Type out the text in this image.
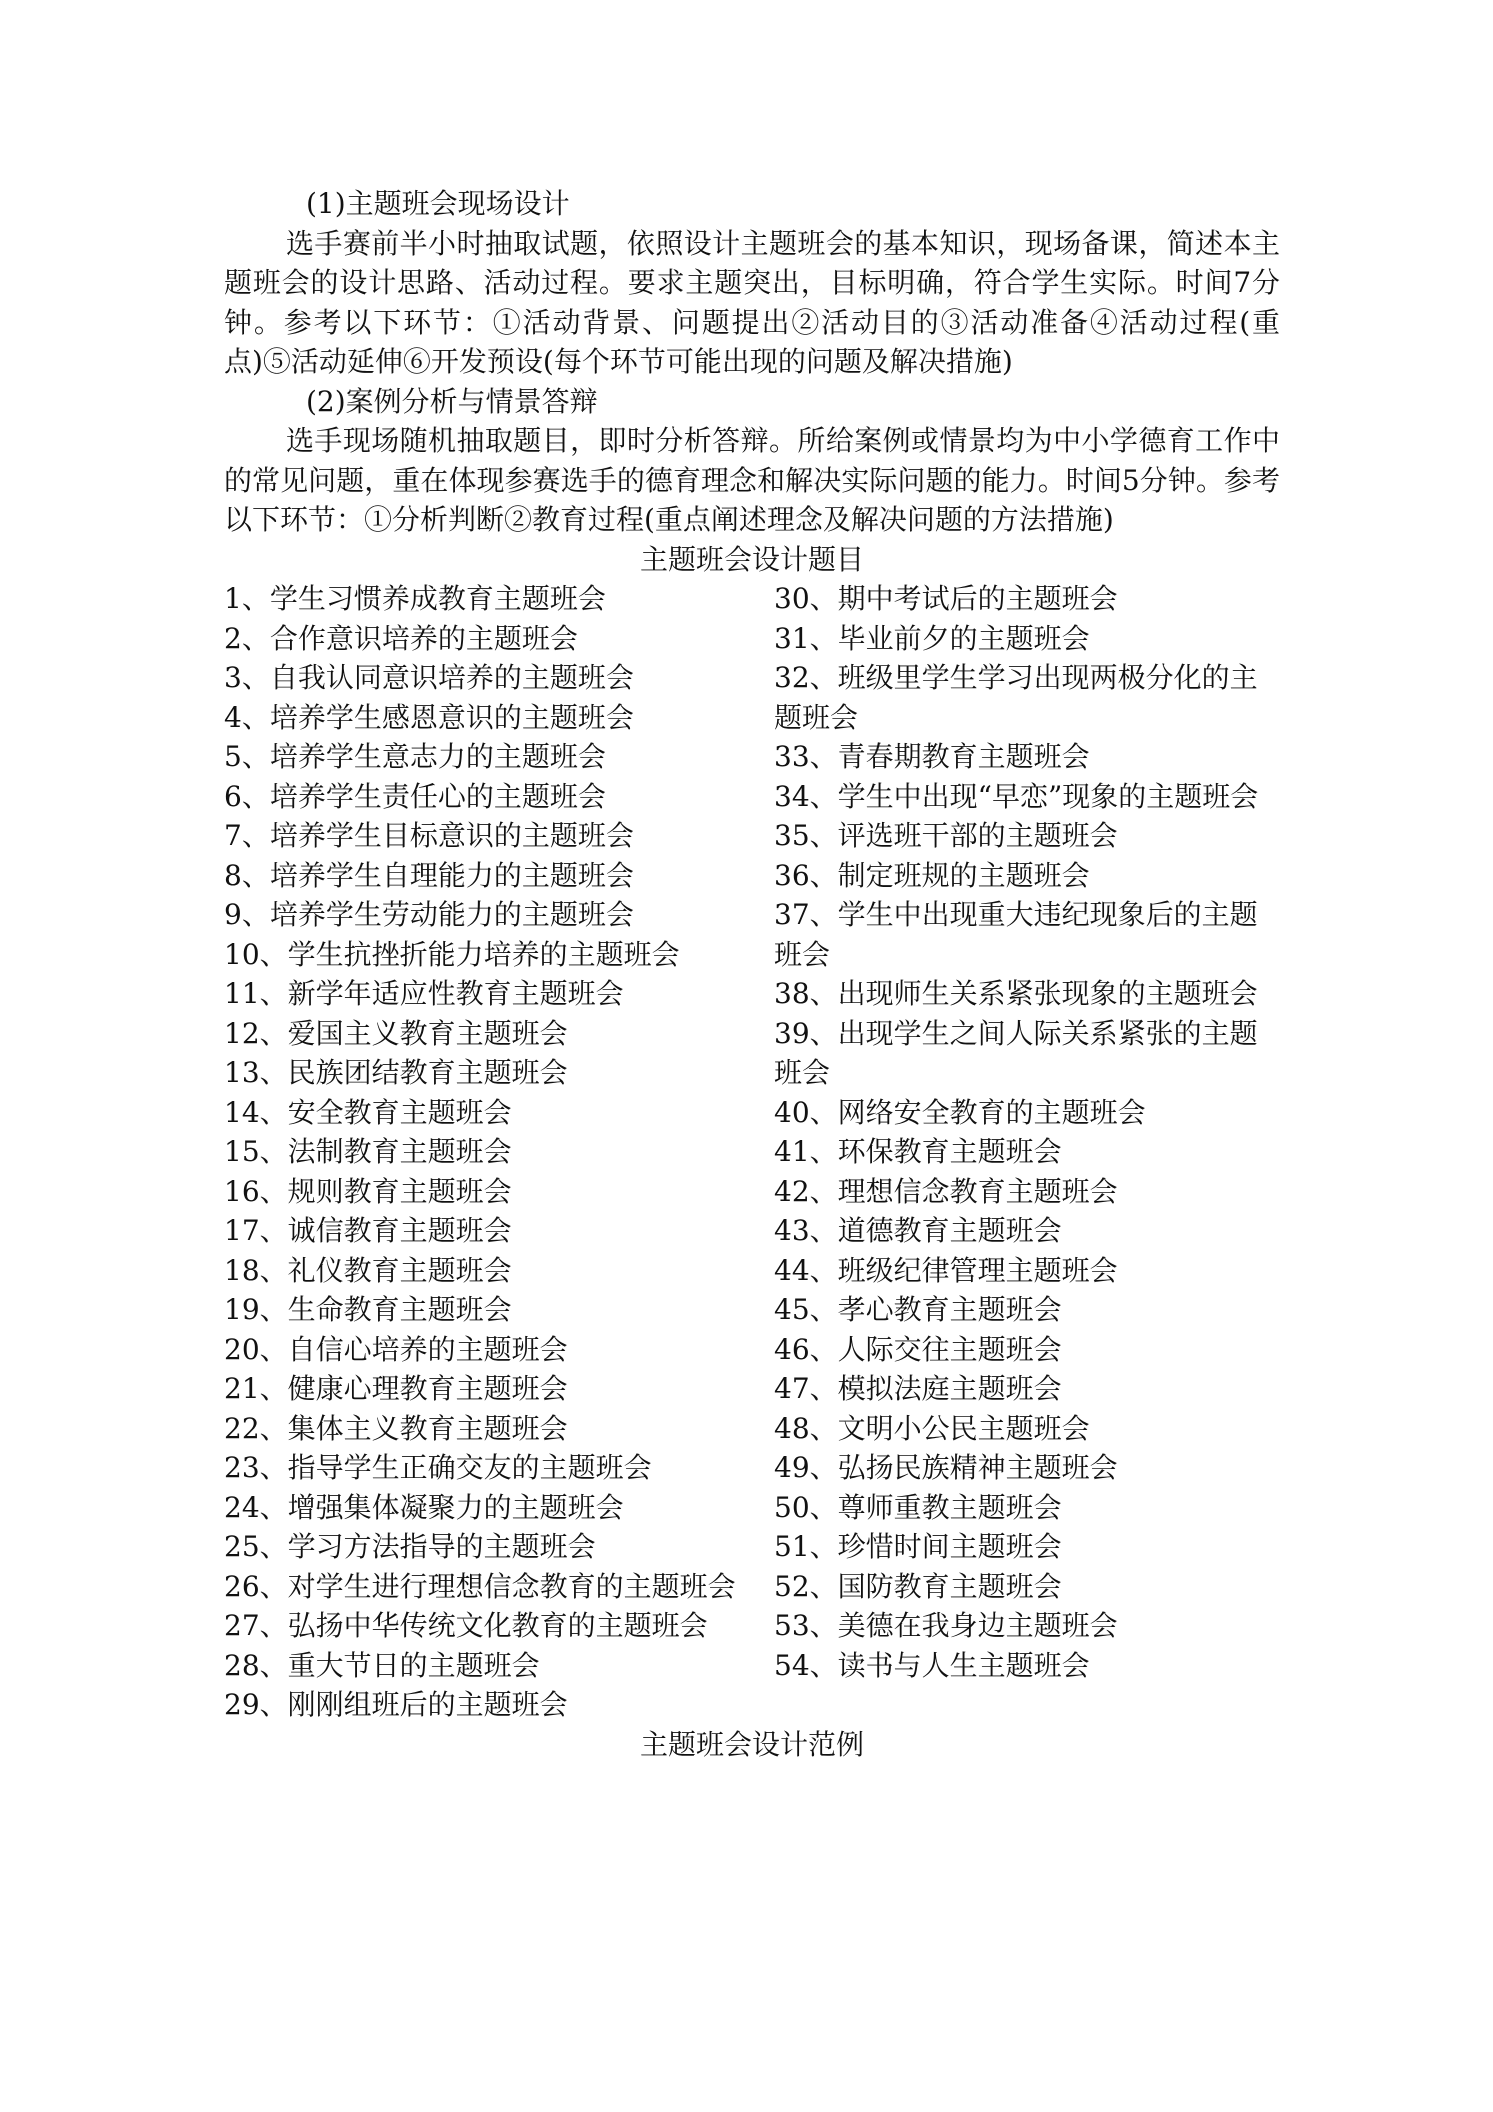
(1)主题班会现场设计

选手赛前半小时抽取试题，依照设计主题班会的基本知识，现场备课，简述本主题班会的设计思路、活动过程。要求主题突出，目标明确，符合学生实际。时间7分钟。参考以下环节：①活动背景、问题提出②活动目的③活动准备④活动过程(重点)⑤活动延伸⑥开发预设(每个环节可能出现的问题及解决措施)

(2)案例分析与情景答辩

选手现场随机抽取题目，即时分析答辩。所给案例或情景均为中小学德育工作中的常见问题，重在体现参赛选手的德育理念和解决实际问题的能力。时间5分钟。参考以下环节：①分析判断②教育过程(重点阐述理念及解决问题的方法措施)

主题班会设计题目

1、学生习惯养成教育主题班会
2、合作意识培养的主题班会
3、自我认同意识培养的主题班会
4、培养学生感恩意识的主题班会
5、培养学生意志力的主题班会
6、培养学生责任心的主题班会
7、培养学生目标意识的主题班会
8、培养学生自理能力的主题班会
9、培养学生劳动能力的主题班会
10、学生抗挫折能力培养的主题班会
11、新学年适应性教育主题班会
12、爱国主义教育主题班会
13、民族团结教育主题班会
14、安全教育主题班会
15、法制教育主题班会
16、规则教育主题班会
17、诚信教育主题班会
18、礼仪教育主题班会
19、生命教育主题班会
20、自信心培养的主题班会
21、健康心理教育主题班会
22、集体主义教育主题班会
23、指导学生正确交友的主题班会
24、增强集体凝聚力的主题班会
25、学习方法指导的主题班会
26、对学生进行理想信念教育的主题班会
27、弘扬中华传统文化教育的主题班会
28、重大节日的主题班会
29、刚刚组班后的主题班会
30、期中考试后的主题班会
31、毕业前夕的主题班会
32、班级里学生学习出现两极分化的主题班会
33、青春期教育主题班会
34、学生中出现“早恋”现象的主题班会
35、评选班干部的主题班会
36、制定班规的主题班会
37、学生中出现重大违纪现象后的主题班会
38、出现师生关系紧张现象的主题班会
39、出现学生之间人际关系紧张的主题班会
40、网络安全教育的主题班会
41、环保教育主题班会
42、理想信念教育主题班会
43、道德教育主题班会
44、班级纪律管理主题班会
45、孝心教育主题班会
46、人际交往主题班会
47、模拟法庭主题班会
48、文明小公民主题班会
49、弘扬民族精神主题班会
50、尊师重教主题班会
51、珍惜时间主题班会
52、国防教育主题班会
53、美德在我身边主题班会
54、读书与人生主题班会

主题班会设计范例
